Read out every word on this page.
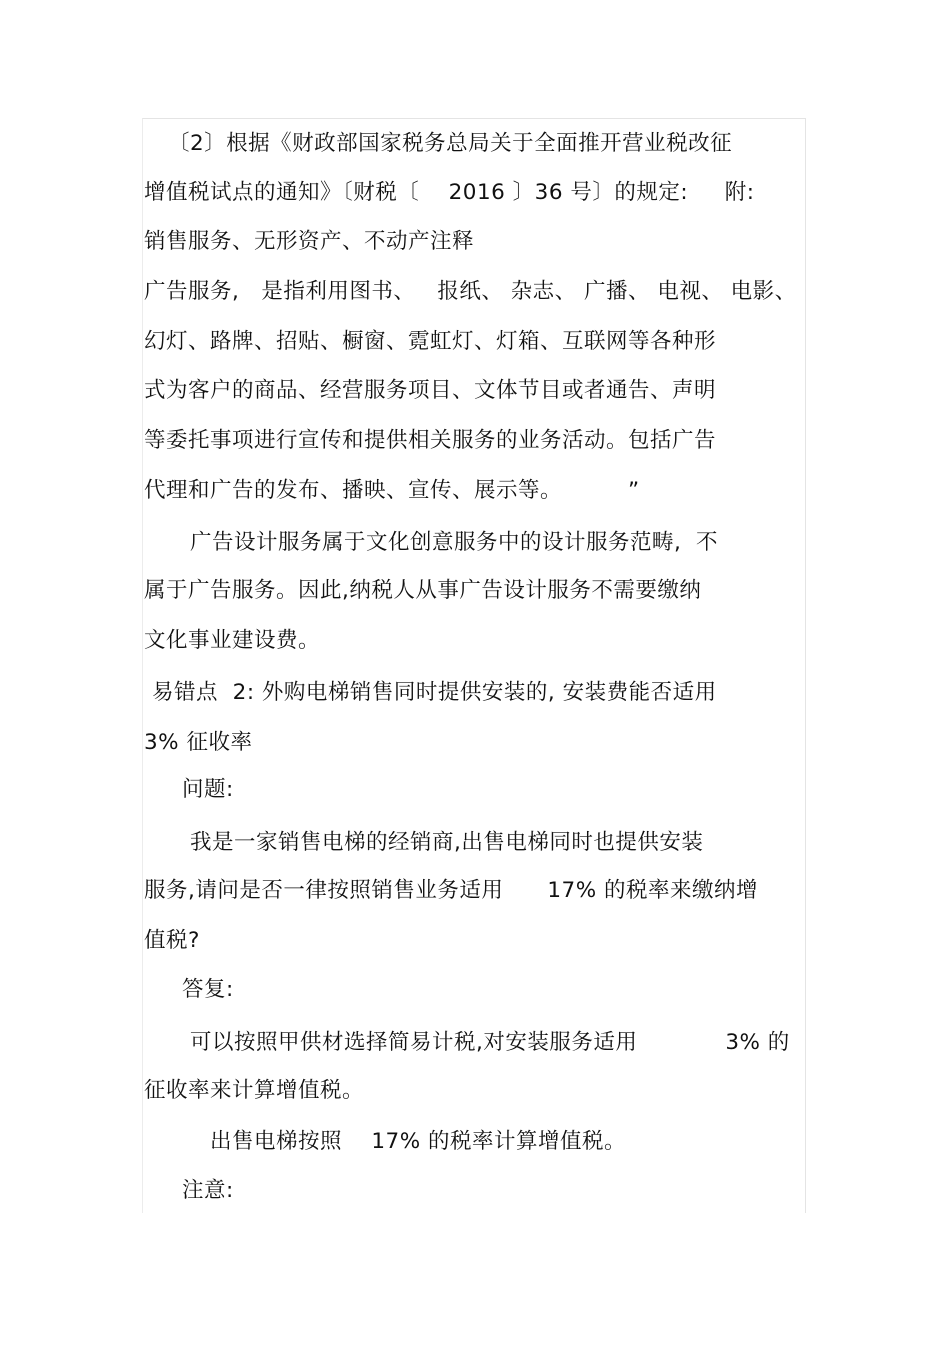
〔2〕根据《财政部国家税务总局关于全面推开营业税改征
增值税试点的通知》〔财税〔    2016 〕36 号〕的规定:     附:
销售服务、无形资产、不动产注释
广告服务,   是指利用图书、   报纸、 杂志、 广播、 电视、 电影、
幻灯、路牌、招贴、橱窗、霓虹灯、灯箱、互联网等各种形
式为客户的商品、经营服务项目、文体节目或者通告、声明
等委托事项进行宣传和提供相关服务的业务活动。包括广告
代理和广告的发布、播映、宣传、展示等。         ”
广告设计服务属于文化创意服务中的设计服务范畴,  不
属于广告服务。因此,纳税人从事广告设计服务不需要缴纳
文化事业建设费。
易错点  2: 外购电梯销售同时提供安装的, 安装费能否适用
3% 征收率
问题:
我是一家销售电梯的经销商,出售电梯同时也提供安装
服务,请问是否一律按照销售业务适用      17% 的税率来缴纳增
值税?
答复:
可以按照甲供材选择简易计税,对安装服务适用            3% 的
征收率来计算增值税。
出售电梯按照    17% 的税率计算增值税。
注意:
